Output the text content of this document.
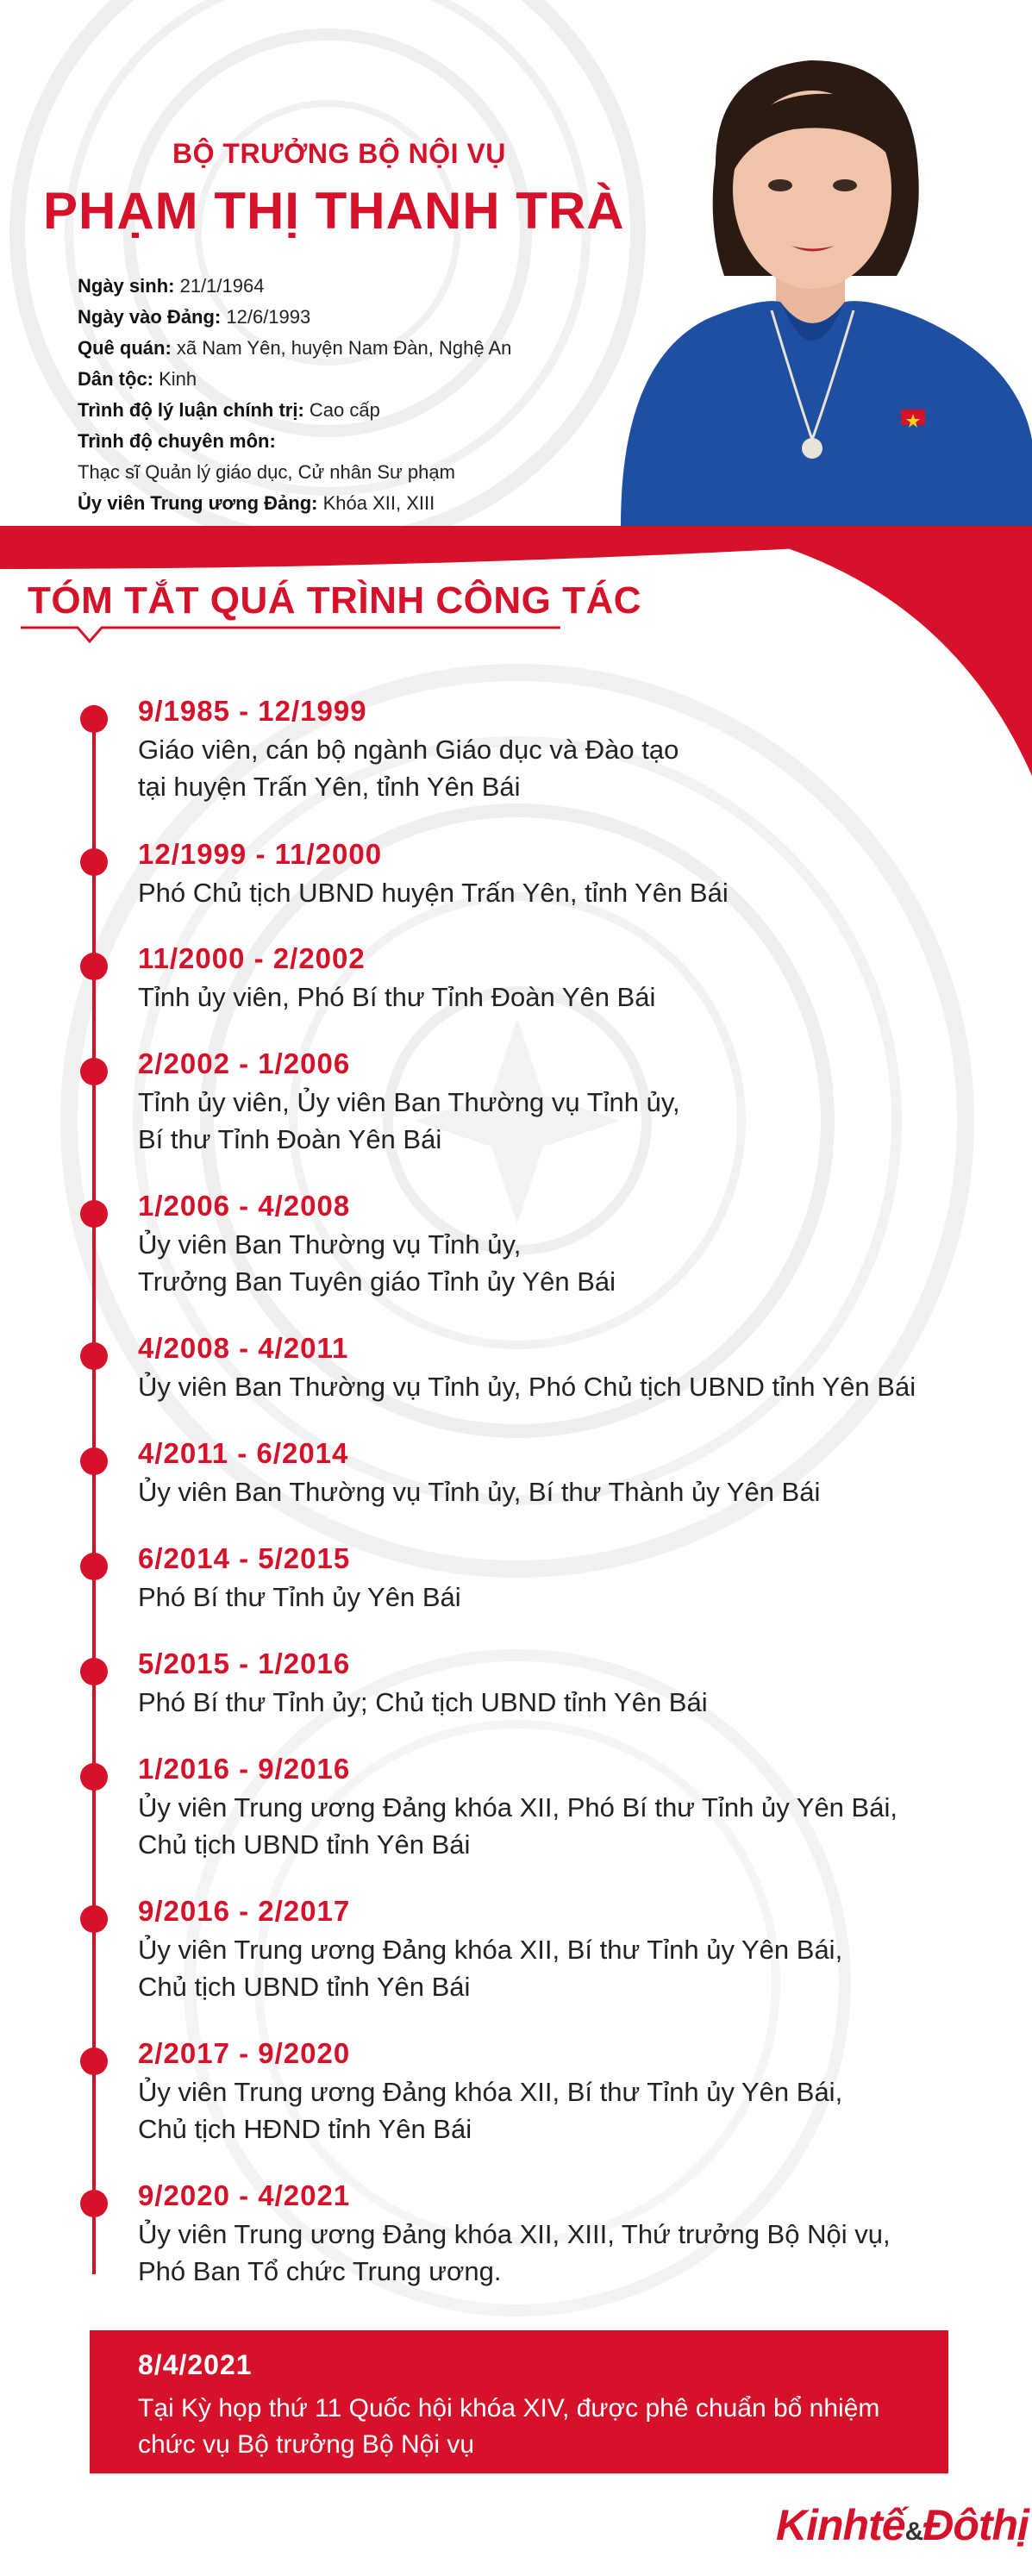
BỘ TRƯỞNG BỘ NỘI VỤ
PHẠM THỊ THANH TRÀ
Ngày sinh: 21/1/1964
Ngày vào Đảng: 12/6/1993
Quê quán: xã Nam Yên, huyện Nam Đàn, Nghệ An
Dân tộc: Kinh
Trình độ lý luận chính trị: Cao cấp
Trình độ chuyên môn:
Thạc sĩ Quản lý giáo dục, Cử nhân Sư phạm
Ủy viên Trung ương Đảng: Khóa XII, XIII
TÓM TẮT QUÁ TRÌNH CÔNG TÁC
9/1985 - 12/1999
Giáo viên, cán bộ ngành Giáo dục và Đào tạo
tại huyện Trấn Yên, tỉnh Yên Bái
12/1999 - 11/2000
Phó Chủ tịch UBND huyện Trấn Yên, tỉnh Yên Bái
11/2000 - 2/2002
Tỉnh ủy viên, Phó Bí thư Tỉnh Đoàn Yên Bái
2/2002 - 1/2006
Tỉnh ủy viên, Ủy viên Ban Thường vụ Tỉnh ủy,
Bí thư Tỉnh Đoàn Yên Bái
1/2006 - 4/2008
Ủy viên Ban Thường vụ Tỉnh ủy,
Trưởng Ban Tuyên giáo Tỉnh ủy Yên Bái
4/2008 - 4/2011
Ủy viên Ban Thường vụ Tỉnh ủy, Phó Chủ tịch UBND tỉnh Yên Bái
4/2011 - 6/2014
Ủy viên Ban Thường vụ Tỉnh ủy, Bí thư Thành ủy Yên Bái
6/2014 - 5/2015
Phó Bí thư Tỉnh ủy Yên Bái
5/2015 - 1/2016
Phó Bí thư Tỉnh ủy; Chủ tịch UBND tỉnh Yên Bái
1/2016 - 9/2016
Ủy viên Trung ương Đảng khóa XII, Phó Bí thư Tỉnh ủy Yên Bái,
Chủ tịch UBND tỉnh Yên Bái
9/2016 - 2/2017
Ủy viên Trung ương Đảng khóa XII, Bí thư Tỉnh ủy Yên Bái,
Chủ tịch UBND tỉnh Yên Bái
2/2017 - 9/2020
Ủy viên Trung ương Đảng khóa XII, Bí thư Tỉnh ủy Yên Bái,
Chủ tịch HĐND tỉnh Yên Bái
9/2020 - 4/2021
Ủy viên Trung ương Đảng khóa XII, XIII, Thứ trưởng Bộ Nội vụ,
Phó Ban Tổ chức Trung ương.
8/4/2021
Tại Kỳ họp thứ 11 Quốc hội khóa XIV, được phê chuẩn bổ nhiệm chức vụ Bộ trưởng Bộ Nội vụ
Kinhtế&Đôthị
